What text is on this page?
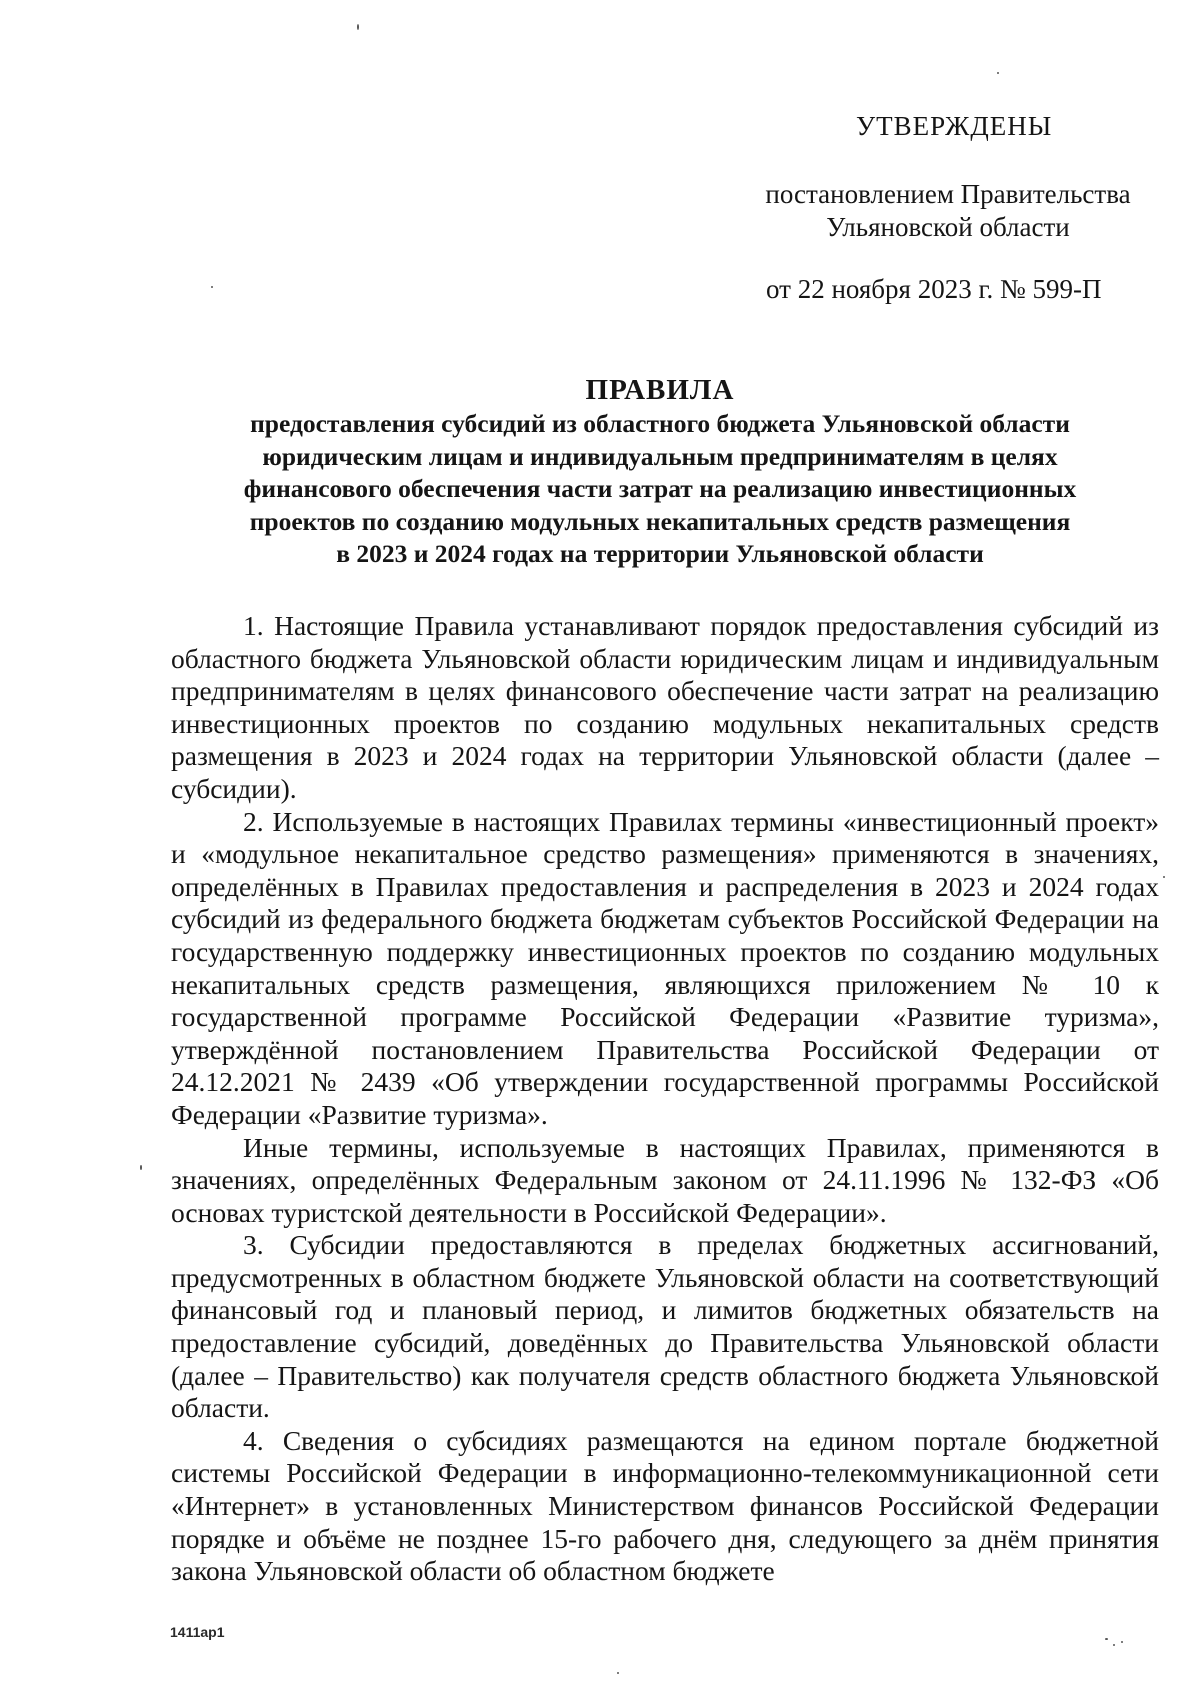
УТВЕРЖДЕНЫ
постановлением Правительства
Ульяновской области
от 22 ноября 2023 г. № 599-П
ПРАВИЛА
предоставления субсидий из областного бюджета Ульяновской области
юридическим лицам и индивидуальным предпринимателям в целях
финансового обеспечения части затрат на реализацию инвестиционных
проектов по созданию модульных некапитальных средств размещения
в 2023 и 2024 годах на территории Ульяновской области

1. Настоящие Правила устанавливают порядок предоставления субсидий из областного бюджета Ульяновской области юридическим лицам и индивидуальным предпринимателям в целях финансового обеспечение части затрат на реализацию инвестиционных проектов по созданию модульных некапитальных средств размещения в 2023 и 2024 годах на территории Ульяновской области (далее – субсидии).

2. Используемые в настоящих Правилах термины «инвестиционный проект» и «модульное некапитальное средство размещения» применяются в значениях, определённых в Правилах предоставления и распределения в 2023 и 2024 годах субсидий из федерального бюджета бюджетам субъектов Российской Федерации на государственную поддержку инвестиционных проектов по созданию модульных некапитальных средств размещения, являющихся приложением № 10 к государственной программе Российской Федерации «Развитие туризма», утверждённой постановлением Правительства Российской Федерации от 24.12.2021 № 2439 «Об утверждении государственной программы Российской Федерации «Развитие туризма».

Иные термины, используемые в настоящих Правилах, применяются в значениях, определённых Федеральным законом от 24.11.1996 № 132-ФЗ «Об основах туристской деятельности в Российской Федерации».

3. Субсидии предоставляются в пределах бюджетных ассигнований, предусмотренных в областном бюджете Ульяновской области на соответствующий финансовый год и плановый период, и лимитов бюджетных обязательств на предоставление субсидий, доведённых до Правительства Ульяновской области (далее – Правительство) как получателя средств областного бюджета Ульяновской области.

4. Сведения о субсидиях размещаются на едином портале бюджетной системы Российской Федерации в информационно-телекоммуникационной сети «Интернет» в установленных Министерством финансов Российской Федерации порядке и объёме не позднее 15-го рабочего дня, следующего за днём принятия закона Ульяновской области об областном бюджете

1411ap1
